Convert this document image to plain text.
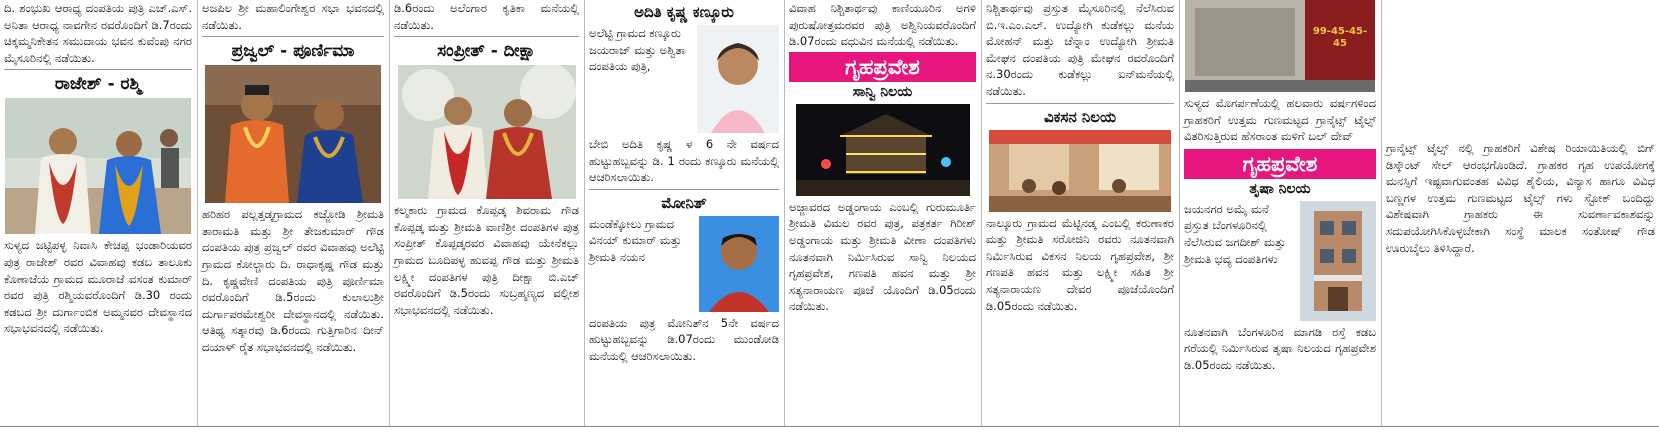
ದಿ. ಶಂಭುಖ ಆರಾಧ್ಯ ದಂಪತಿಯ ಪುತ್ರಿ ಎಚ್.ಎಸ್. ಅನಿತಾ ಆರಾಧ್ಯ ನಾವಗೇನ ರವರೊಂದಿಗೆ ಡಿ.7ರಂದು ಚಿಕ್ಕಮ್ಮನಿಕೇತನ ಸಮುದಾಯ ಭವನ ಕುವೆಂಪು ನಗರ ಮೈಸೂರಿನಲ್ಲಿ ನಡೆಯಿತು.

ರಾಜೇಶ್ - ರಶ್ಮಿ

ಸುಳ್ಯದ ಜಟ್ಟಿಪಳ್ಳ ನಿವಾಸಿ ಕೇಚಪ್ಪ ಭಂಡಾರಿಯವರ ಪುತ್ರ ರಾಜೇಶ್ ರವರ ವಿವಾಹವು ಕಡಬ ತಾಲೂಕು ಕೊಣಾಜೆಯ ಗ್ರಾಮದ ಮೂರಾಜೆ ವಸಂತ ಕುಮಾರ್ ರವರ ಪುತ್ರಿ ರಶ್ಮಿಯವರೊಂದಿಗೆ ಡಿ.30 ರಂದು ಕಡಬದ ಶ್ರೀ ದುರ್ಗಾಂಬಿಕ ಅಮ್ಮನವರ ದೇವಸ್ಥಾನದ ಸಭಾಭವನದಲ್ಲಿ ನಡೆಯಿತು.

ಅಜಪಿಲ ಶ್ರೀ ಮಹಾಲಿಂಗೇಶ್ವರ ಸಭಾ ಭವನದಲ್ಲಿ ನಡೆಯಿತು.

ಪ್ರಜ್ವಲ್ - ಪೂರ್ಣಿಮಾ

ಹರಿಹರ ಪಲ್ಲತ್ತಡ್ಕಗ್ರಾಮದ ಕಜ್ಜೋಡಿ ಶ್ರೀಮತಿ ತಾರಾಮತಿ ಮತ್ತು ಶ್ರೀ ತೇಜಕುಮಾರ್ ಗೌಡ ದಂಪತಿಯ ಪುತ್ರ ಪ್ರಜ್ವಲ್ ರವರ ವಿವಾಹವು ಅಲೆಟ್ಟಿ ಗ್ರಾಮದ ಕೋಲ್ಚಾರು ದಿ. ರಾಧಾಕೃಷ್ಣ ಗೌಡ ಮತ್ತು ದಿ. ಕೃಷ್ಣವೇಣಿ ದಂಪತಿಯ ಪುತ್ರಿ ಪೂರ್ಣಿಮಾ ರವರೊಂದಿಗೆ ಡಿ.5ರಂದು ಕುಲಾಲುಶ್ರೀ ದುರ್ಗಾಪರಮೇಶ್ವರೀ ದೇವಸ್ಥಾನದಲ್ಲಿ ನಡೆಯಿತು. ಆತಿಥ್ಯ ಸತ್ಕಾರವು ಡಿ.6ರಂದು ಗುತ್ತಿಗಾರಿನ ದೀನ್ ದಯಾಳ್ ರೈತ ಸಭಾಭವನದಲ್ಲಿ ನಡೆಯಿತು.

ಡಿ.6ರಂದು ಅಲೆಂಗಾರ ಕೃತಿಕಾ ಮನೆಯಲ್ಲಿ ನಡೆಯಿತು.

ಸಂಪ್ರೀತ್ - ದೀಕ್ಷಾ

ಕಲ್ಮಕಾರು ಗ್ರಾಮದ ಕೊಪ್ಪಡ್ಕ ಶಿವರಾಮ ಗೌಡ ಕೊಪ್ಪಡ್ಕ ಮತ್ತು ಶ್ರೀಮತಿ ವಾಣಿಶ್ರೀ ದಂಪತಿಗಳ ಪುತ್ರ ಸಂಪ್ರೀತ್ ಕೊಪ್ಪಡ್ಕರವರ ವಿವಾಹವು ಯೇನೆಕಲ್ಲು ಗ್ರಾಮದ ಬೂದಿಪಳ್ಳ ಹುವಪ್ಪ ಗೌಡ ಮತ್ತು ಶ್ರೀಮತಿ ಲಕ್ಷ್ಮೀ ದಂಪತಿಗಳ ಪುತ್ರಿ ದೀಕ್ಷಾ ಬಿ.ಎಚ್ ರವರೊಂದಿಗೆ ಡಿ.5ರಂದು ಸುಬ್ರಹ್ಮಣ್ಯದ ವಲ್ಲೀಶ ಸಭಾಭವನದಲ್ಲಿ ನಡೆಯಿತು.

ಅದಿತಿ ಕೃಷ್ಣ ಕಣ್ಕೂರು

ಅಲೆಟ್ಟಿ ಗ್ರಾಮದ ಕಣ್ಕೂರು ಜಯರಾಜ್ ಮತ್ತು ಅಶ್ವಿತಾ ದಂಪತಿಯ ಪುತ್ರಿ,

ಬೇಬಿ ಅದಿತಿ ಕೃಷ್ಣ ಳ 6 ನೇ ವರ್ಷದ ಹುಟ್ಟುಹಬ್ಬವನ್ನು ಡಿ. 1 ರಂದು ಕಣ್ಕೂರು ಮನೆಯಲ್ಲಿ ಆಚರಿಸಲಾಯಿತು.

ಮೋನಿತ್

ಮಂಡೆಕ್ಕೋಲು ಗ್ರಾಮದ ವಿನಯ್ ಕುಮಾರ್ ಮತ್ತು ಶ್ರೀಮತಿ ನಯನ

ದಂಪತಿಯ ಪುತ್ರ ಮೋನಿತ್‌ನ 5ನೇ ವರ್ಷದ ಹುಟ್ಟುಹಬ್ಬವನ್ನು ಡಿ.07ರಂದು ಮುಂಡೋಡಿ ಮನೆಯಲ್ಲಿ ಆಚರಿಸಲಾಯಿತು.

ವಿವಾಹ ನಿಶ್ಚಿತಾರ್ಥವು ಕಾಣಿಯೂರಿನ ಅಗಳಿ ಪುರುಷೋತ್ತಮರವರ ಪುತ್ರಿ ಅಶ್ವಿನಿಯವರೊಂದಿಗೆ ಡಿ.07ರಂದು ವಧುವಿನ ಮನೆಯಲ್ಲಿ ನಡೆಯಿತು.

ಗೃಹಪ್ರವೇಶ
ಸಾನ್ವಿ ನಿಲಯ

ಅಜ್ಜಾವರದ ಅಡ್ಡಂಗಾಯ ಎಂಬಲ್ಲಿ ಗುರುಮೂರ್ತಿ ಶ್ರೀಮತಿ ವಿಮಲ ರವರ ಪುತ್ರ, ಪತ್ರಕರ್ತ ಗಿರೀಶ್ ಅಡ್ಡಂಗಾಯ ಮತ್ತು ಶ್ರೀಮತಿ ವೀಣಾ ದಂಪತಿಗಳು ನೂತನವಾಗಿ ನಿರ್ಮಿಸಿರುವ ಸಾನ್ವಿ ನಿಲಯದ ಗೃಹಪ್ರವೇಶ, ಗಣಪತಿ ಹವನ ಮತ್ತು ಶ್ರೀ ಸತ್ಯನಾರಾಯಣ ಪೂಜೆ ಯೊಂದಿಗೆ ಡಿ.05ರಂದು ನಡೆಯಿತು.

ನಿಶ್ಚಿತಾರ್ಥವು ಪ್ರಸ್ತುತ ಮೈಸೂರಿನಲ್ಲಿ ನೆಲೆಸಿರುವ ಬಿ.ಇ.ಎಂ.ಎಲ್. ಉದ್ಯೋಗಿ ಕುಡೆಕಲ್ಲು ಮನೆಯ ಮೋಹನ್ ಮತ್ತು ಚೆನ್ನಾಂ ಉದ್ಯೋಗಿ ಶ್ರೀಮತಿ ಮೇಘನ ದಂಪತಿಯ ಪುತ್ರಿ ಮೇಘನ ರವರೊಂದಿಗೆ ನ.30ರಂದು ಕುಡೆಕಲ್ಲು ಐನ್‌ಮನೆಯಲ್ಲಿ ನಡೆಯಿತು.

ವಿಕಸನ ನಿಲಯ

ನಾಲ್ಕೂರು ಗ್ರಾಮದ ಮೆಟ್ಟಿನಡ್ಕ ಎಂಬಲ್ಲಿ ಕರುಣಾಕರ ಮತ್ತು ಶ್ರೀಮತಿ ಸರೋಜಿನಿ ರವರು ನೂತನವಾಗಿ ನಿರ್ಮಿಸಿರುವ ವಿಕಸನ ನಿಲಯ ಗೃಹಪ್ರವೇಶ, ಶ್ರೀ ಗಣಪತಿ ಹವನ ಮತ್ತು ಲಕ್ಷ್ಮೀ ಸಹಿತ ಶ್ರೀ ಸತ್ಯನಾರಾಯಣ ದೇವರ ಪೂಜೆಯೊಂದಿಗೆ ಡಿ.05ರಂದು ನಡೆಯಿತು.

99-45-45-45

ಸುಳ್ಯದ ಮೊಗರ್ಪಣೆಯಲ್ಲಿ ಹಲವಾರು ವರ್ಷಗಳಿಂದ ಗ್ರಾಹಕರಿಗೆ ಉತ್ತಮ ಗುಣಮಟ್ಟದ ಗ್ರಾನೈಟ್ಸ್ ಟೈಲ್ಸ್ ವಿತರಿಸುತ್ತಿರುವ ಹೆಸರಾಂತ ಮಳಿಗೆ ಬಲ್ ದೇವ್

ಗೃಹಪ್ರವೇಶ
ತೃಷಾ ನಿಲಯ

ಜಯನಗರ ಅಮೈ ಮನೆ ಪ್ರಸ್ತುತ ಬೆಂಗಳೂರಿನಲ್ಲಿ ನೆಲೆಸಿರುವ ಜಗದೀಶ್ ಮತ್ತು ಶ್ರೀಮತಿ ಭವ್ಯ ದಂಪತಿಗಳು

ನೂತನವಾಗಿ ಬೆಂಗಳೂರಿನ ಮಾಗಡಿ ರಸ್ತೆ ಕಡಬ ಗರೆಯಲ್ಲಿ ನಿರ್ಮಿಸಿರುವ ತೃಷಾ ನಿಲಯದ ಗೃಹಪ್ರವೇಶ ಡಿ.05ರಂದು ನಡೆಯಿತು.

ಗ್ರಾನೈಟ್ಸ್ ಟೈಲ್ಸ್ ನಲ್ಲಿ ಗ್ರಾಹಕರಿಗೆ ವಿಶೇಷ ರಿಯಾಯಿತಿಯಲ್ಲಿ ಬಿಗ್ ಡಿಸ್ಕೌಂಟ್ ಸೇಲ್ ಆರಂಭಗೊಂಡಿದೆ. ಗ್ರಾಹಕರ ಗೃಹ ಉಪಯೋಗಕ್ಕೆ ಮನಸ್ಸಿಗೆ ಇಷ್ಟವಾಗುವಂತಹ ವಿವಿಧ ಶೈಲಿಯ, ವಿನ್ಯಾಸ ಹಾಗೂ ವಿವಿಧ ಬಣ್ಣಗಳ ಉತ್ತಮ ಗುಣಮಟ್ಟದ ಟೈಲ್ಸ್ ಗಳು ಸ್ಟೋಕ್ ಬಂದಿದ್ದು ವಿಶೇಷವಾಗಿ ಗ್ರಾಹಕರು ಈ ಸುವರ್ಣಾವಕಾಶವನ್ನು ಸದುಪಯೋಗಿಸಿಕೊಳ್ಳಬೇಕಾಗಿ ಸಂಸ್ಥೆ ಮಾಲಕ ಸಂತೋಷ್ ಗೌಡ ಊರುಬೈಲು ತಿಳಿಸಿದ್ದಾರೆ.
